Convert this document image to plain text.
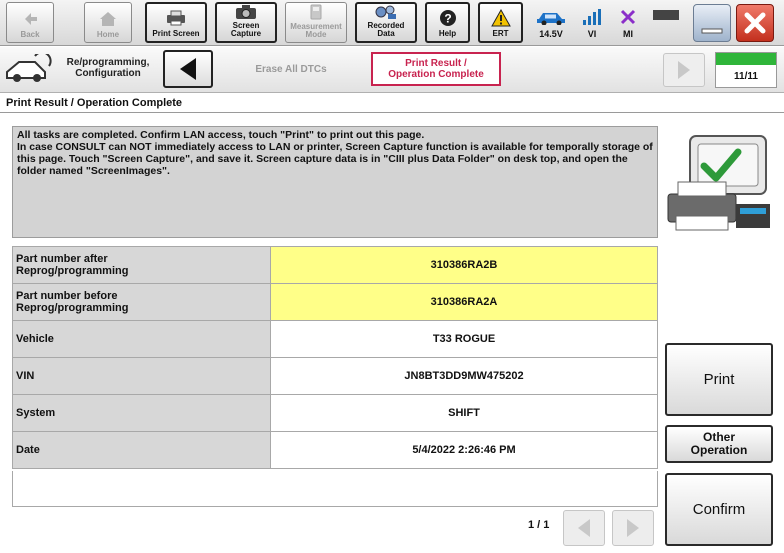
Back	Home	Print Screen
Screen
Capture
Measurement
Mode
Recorded
Data
?
Help	ERT	14.5V	VI	MI
Re/programming,
Configuration	Erase All DTCs	Print Result /
Operation Complete	11/11
Print Result / Operation Complete
All tasks are completed. Confirm LAN access, touch "Print" to print out this page.
In case CONSULT can NOT immediately access to LAN or printer, Screen Capture function is available for temporally storage of this page. Touch "Screen Capture", and save it. Screen capture data is in "CIII plus Data Folder" on desk top, and open the folder named "ScreenImages".
Part number after
Reprog/programming	310386RA2B
Part number before
Reprog/programming	310386RA2A
Vehicle	T33 ROGUE
VIN	JN8BT3DD9MW475202
System	SHIFT
Date	5/4/2022 2:26:46 PM
1 / 1
Print
Other
Operation
Confirm
